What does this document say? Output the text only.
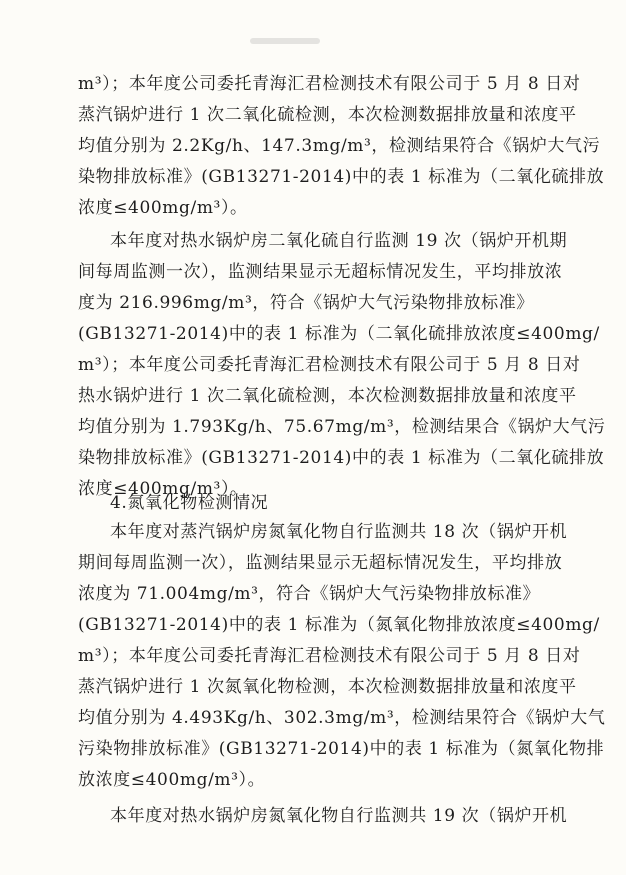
m³）；本年度公司委托青海汇君检测技术有限公司于 5 月 8 日对
蒸汽锅炉进行 1 次二氧化硫检测，本次检测数据排放量和浓度平
均值分别为 2.2Kg/h、147.3mg/m³，检测结果符合《锅炉大气污
染物排放标准》(GB13271-2014)中的表 1 标准为（二氧化硫排放
浓度≤400mg/m³）。
本年度对热水锅炉房二氧化硫自行监测 19 次（锅炉开机期
间每周监测一次），监测结果显示无超标情况发生，平均排放浓
度为 216.996mg/m³，符合《锅炉大气污染物排放标准》
(GB13271-2014)中的表 1 标准为（二氧化硫排放浓度≤400mg/
m³）；本年度公司委托青海汇君检测技术有限公司于 5 月 8 日对
热水锅炉进行 1 次二氧化硫检测，本次检测数据排放量和浓度平
均值分别为 1.793Kg/h、75.67mg/m³，检测结果合《锅炉大气污
染物排放标准》(GB13271-2014)中的表 1 标准为（二氧化硫排放
浓度≤400mg/m³）。
4.氮氧化物检测情况
本年度对蒸汽锅炉房氮氧化物自行监测共 18 次（锅炉开机
期间每周监测一次），监测结果显示无超标情况发生，平均排放
浓度为 71.004mg/m³，符合《锅炉大气污染物排放标准》
(GB13271-2014)中的表 1 标准为（氮氧化物排放浓度≤400mg/
m³）；本年度公司委托青海汇君检测技术有限公司于 5 月 8 日对
蒸汽锅炉进行 1 次氮氧化物检测，本次检测数据排放量和浓度平
均值分别为 4.493Kg/h、302.3mg/m³，检测结果符合《锅炉大气
污染物排放标准》(GB13271-2014)中的表 1 标准为（氮氧化物排
放浓度≤400mg/m³）。
本年度对热水锅炉房氮氧化物自行监测共 19 次（锅炉开机
